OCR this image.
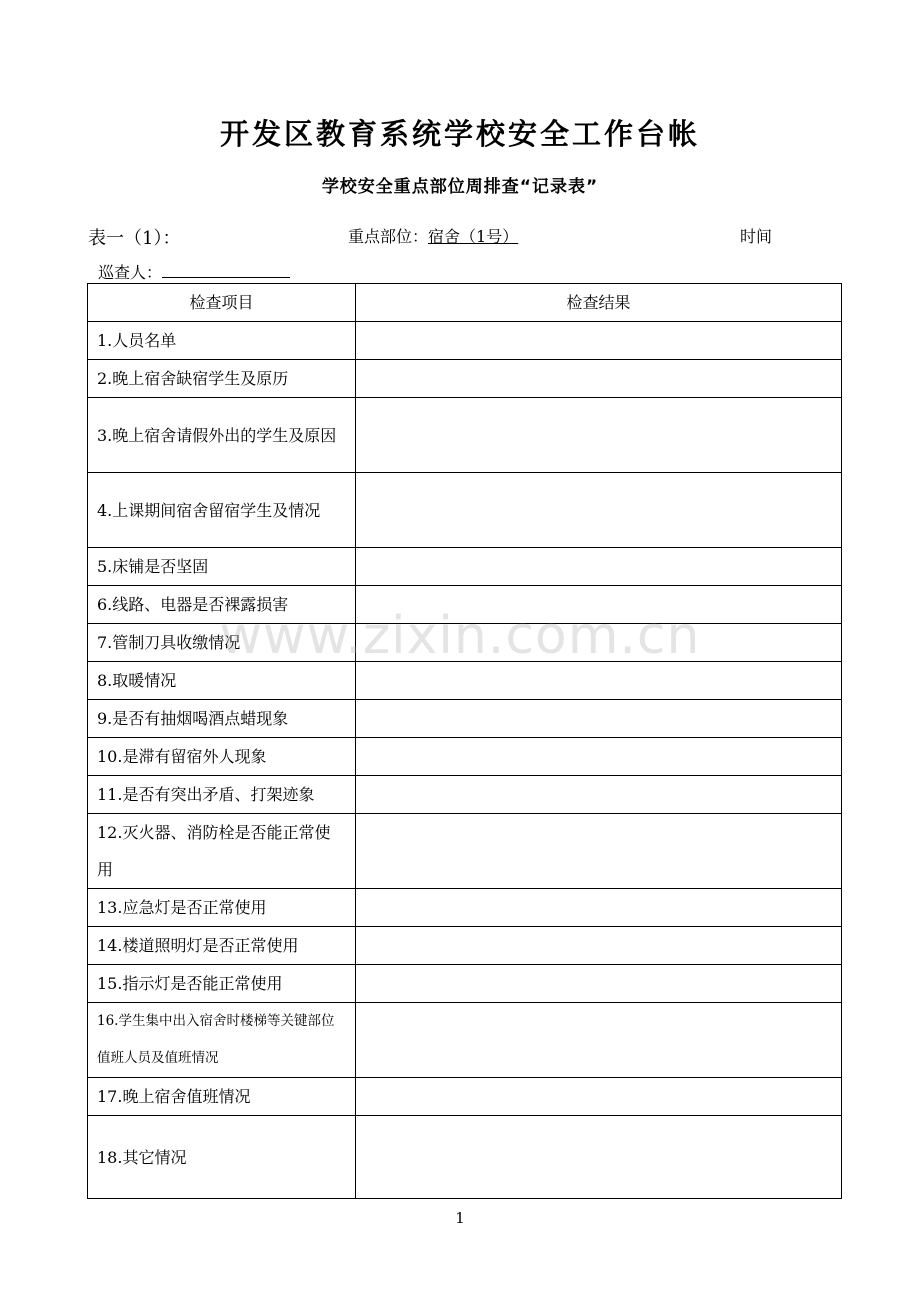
开发区教育系统学校安全工作台帐
学校安全重点部位周排查“记录表”
表一（1）：	重点部位：宿舍（1号）	时间
巡查人：
检查项目	检查结果
1.人员名单	
2.晚上宿舍缺宿学生及原历	
3.晚上宿舍请假外出的学生及原因	
4.上课期间宿舍留宿学生及情况	
5.床铺是否坚固	
6.线路、电器是否裸露损害	
7.管制刀具收缴情况	
8.取暖情况	
9.是否有抽烟喝酒点蜡现象	
10.是滞有留宿外人现象	
11.是否有突出矛盾、打架迹象	
12.灭火器、消防栓是否能正常使用	
13.应急灯是否正常使用	
14.楼道照明灯是否正常使用	
15.指示灯是否能正常使用	
16.学生集中出入宿舍时楼梯等关键部位值班人员及值班情况	
17.晚上宿舍值班情况	
18.其它情况	
www.zixin.com.cn
1
